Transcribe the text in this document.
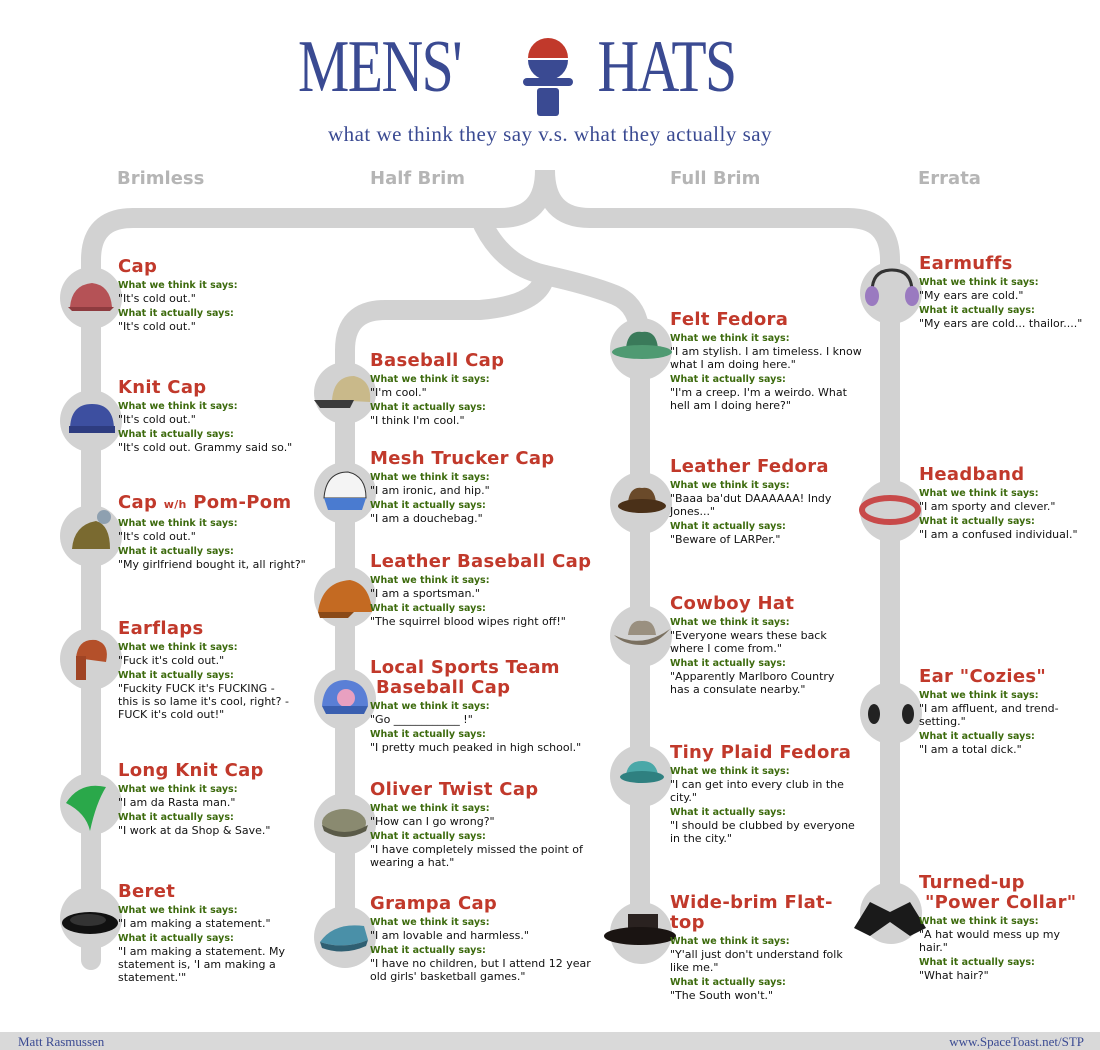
MENS' HATS
what we think they say v.s. what they actually say
Brimless	Half Brim	Full Brim	Errata
Cap
What we think it says:
"It's cold out."
What it actually says:
"It's cold out."
Knit Cap
What we think it says:
"It's cold out."
What it actually says:
"It's cold out. Grammy said so."
Cap w/h Pom-Pom
What we think it says:
"It's cold out."
What it actually says:
"My girlfriend bought it, all right?"
Earflaps
What we think it says:
"Fuck it's cold out."
What it actually says:
"Fuckity FUCK it's FUCKING - this is so lame it's cool, right? - FUCK it's cold out!"
Long Knit Cap
What we think it says:
"I am da Rasta man."
What it actually says:
"I work at da Shop & Save."
Beret
What we think it says:
"I am making a statement."
What it actually says:
"I am making a statement. My statement is, 'I am making a statement.'"
Baseball Cap
What we think it says:
"I'm cool."
What it actually says:
"I think I'm cool."
Mesh Trucker Cap
What we think it says:
"I am ironic, and hip."
What it actually says:
"I am a douchebag."
Leather Baseball Cap
What we think it says:
"I am a sportsman."
What it actually says:
"The squirrel blood wipes right off!"
Local Sports Team
Baseball Cap
What we think it says:
"Go ____________ !"
What it actually says:
"I pretty much peaked in high school."
Oliver Twist Cap
What we think it says:
"How can I go wrong?"
What it actually says:
"I have completely missed the point of wearing a hat."
Grampa Cap
What we think it says:
"I am lovable and harmless."
What it actually says:
"I have no children, but I attend 12 year old girls' basketball games."
Felt Fedora
What we think it says:
"I am stylish. I am timeless. I know what I am doing here."
What it actually says:
"I'm a creep. I'm a weirdo. What hell am I doing here?"
Leather Fedora
What we think it says:
"Baaa ba'dut DAAAAAA! Indy Jones..."
What it actually says:
"Beware of LARPer."
Cowboy Hat
What we think it says:
"Everyone wears these back where I come from."
What it actually says:
"Apparently Marlboro Country has a consulate nearby."
Tiny Plaid Fedora
What we think it says:
"I can get into every club in the city."
What it actually says:
"I should be clubbed by everyone in the city."
Wide-brim Flat-top
What we think it says:
"Y'all just don't understand folk like me."
What it actually says:
"The South won't."
Earmuffs
What we think it says:
"My ears are cold."
What it actually says:
"My ears are cold... thailor...."
Headband
What we think it says:
"I am sporty and clever."
What it actually says:
"I am a confused individual."
Ear "Cozies"
What we think it says:
"I am affluent, and trend-setting."
What it actually says:
"I am a total dick."
Turned-up
"Power Collar"
What we think it says:
"A hat would mess up my hair."
What it actually says:
"What hair?"
Matt Rasmussen	www.SpaceToast.net/STP
